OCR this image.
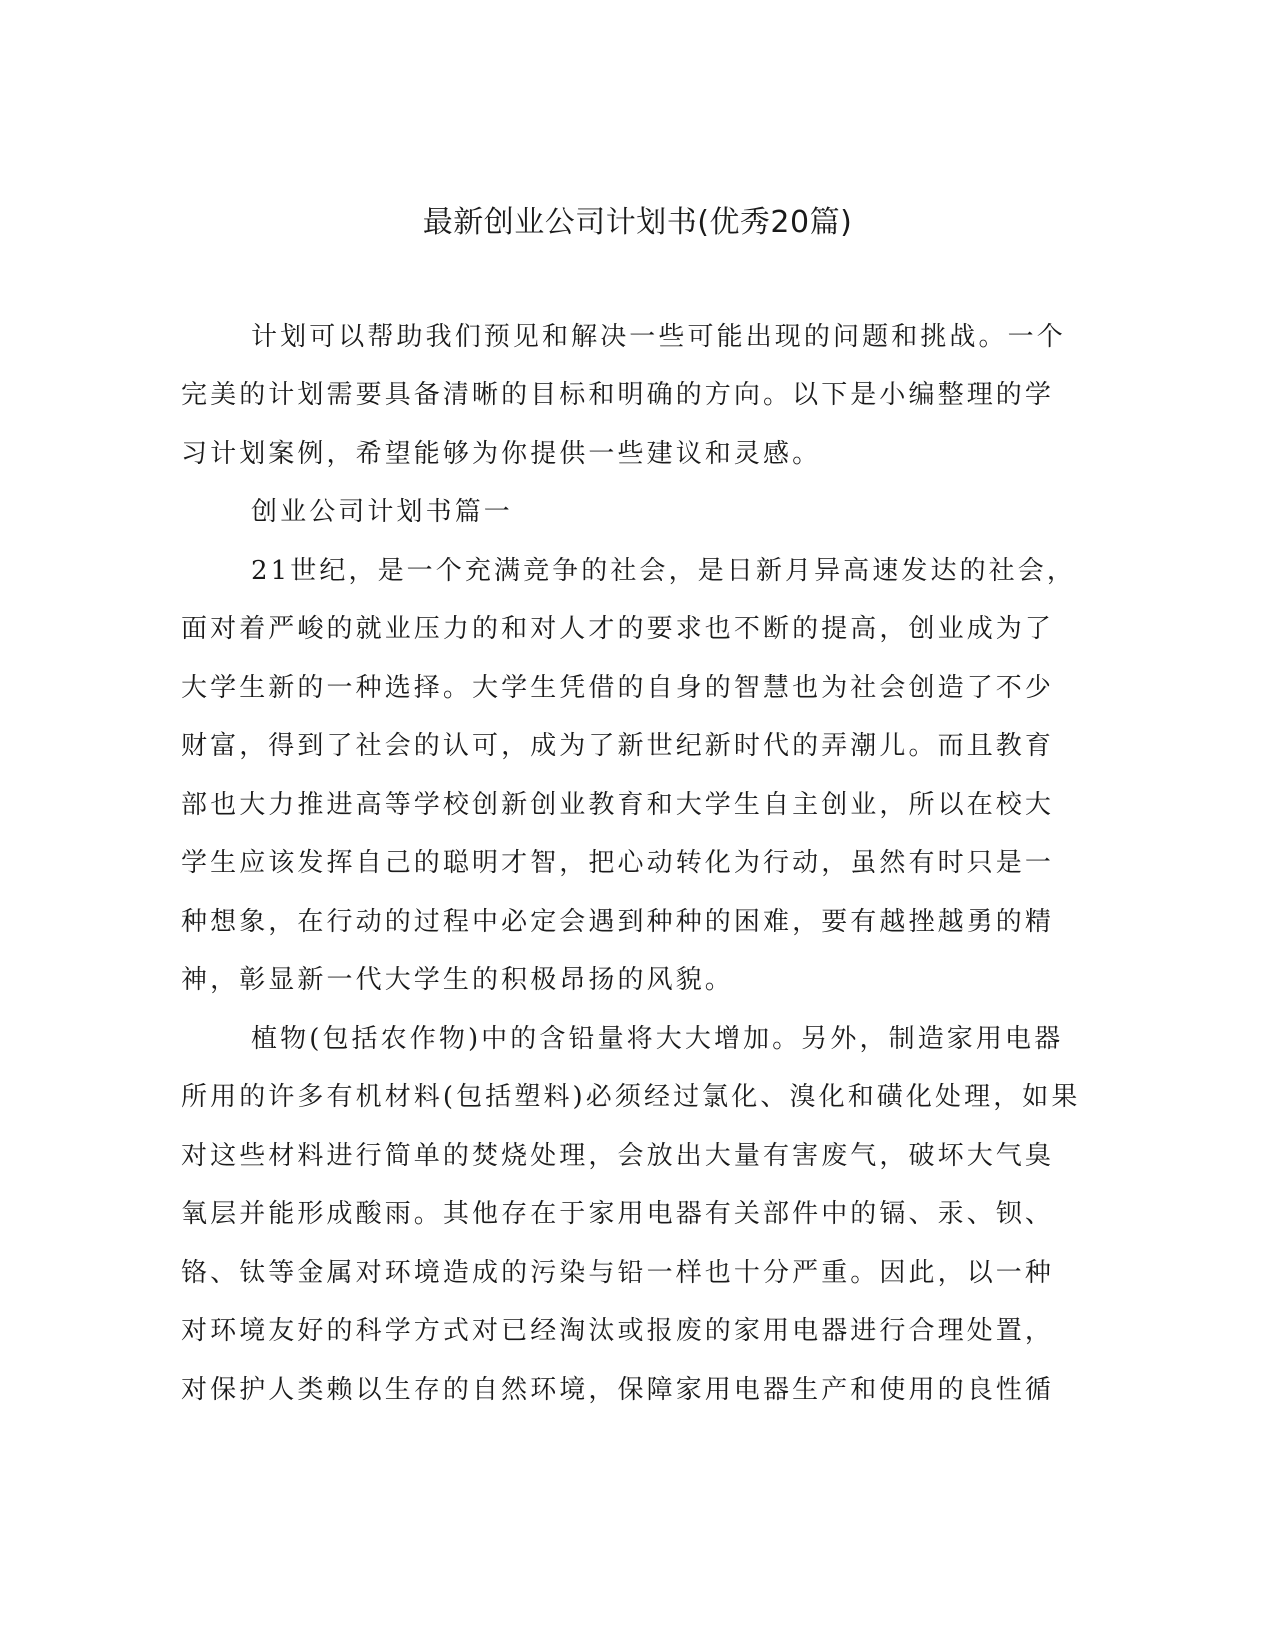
最新创业公司计划书(优秀20篇)
计划可以帮助我们预见和解决一些可能出现的问题和挑战。一个
完美的计划需要具备清晰的目标和明确的方向。以下是小编整理的学
习计划案例，希望能够为你提供一些建议和灵感。
创业公司计划书篇一
21世纪，是一个充满竞争的社会，是日新月异高速发达的社会，
面对着严峻的就业压力的和对人才的要求也不断的提高，创业成为了
大学生新的一种选择。大学生凭借的自身的智慧也为社会创造了不少
财富，得到了社会的认可，成为了新世纪新时代的弄潮儿。而且教育
部也大力推进高等学校创新创业教育和大学生自主创业，所以在校大
学生应该发挥自己的聪明才智，把心动转化为行动，虽然有时只是一
种想象，在行动的过程中必定会遇到种种的困难，要有越挫越勇的精
神，彰显新一代大学生的积极昂扬的风貌。
植物(包括农作物)中的含铅量将大大增加。另外，制造家用电器
所用的许多有机材料(包括塑料)必须经过氯化、溴化和磺化处理，如果
对这些材料进行简单的焚烧处理，会放出大量有害废气，破坏大气臭
氧层并能形成酸雨。其他存在于家用电器有关部件中的镉、汞、钡、
铬、钛等金属对环境造成的污染与铅一样也十分严重。因此，以一种
对环境友好的科学方式对已经淘汰或报废的家用电器进行合理处置，
对保护人类赖以生存的自然环境，保障家用电器生产和使用的良性循
